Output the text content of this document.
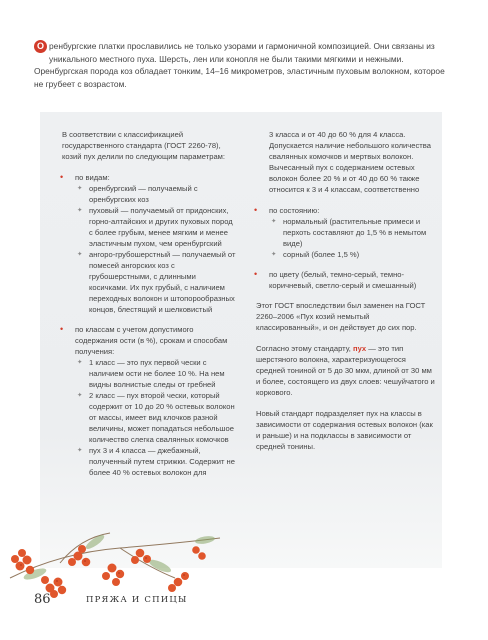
О ренбургские платки прославились не только узорами и гармоничной композицией. Они связаны из уникального местного пуха. Шерсть, лен или конопля не были такими мягкими и нежными. Оренбургская порода коз обладает тонким, 14–16 микрометров, эластичным пуховым волокном, которое не грубеет с возрастом.

В соответствии с классификацией государственного стандарта (ГОСТ 2260-78), козий пух делили по следующим параметрам:

• по видам:
✦ оренбургский — получаемый с оренбургских коз
✦ пуховый — получаемый от придонских, горно-алтайских и других пуховых пород с более грубым, менее мягким и менее эластичным пухом, чем оренбургский
✦ ангоро-грубошерстный — получаемый от помесей ангорских коз с грубошерстными, с длинными косичками. Их пух грубый, с наличием переходных волокон и штопорообразных концов, блестящий и шелковистый
• по классам с учетом допустимого содержания ости (в %), срокам и способам получения:
✦ 1 класс — это пух первой чески с наличием ости не более 10 %. На нем видны волнистые следы от гребней
✦ 2 класс — пух второй чески, который содержит от 10 до 20 % остевых волокон от массы, имеет вид клочков разной величины, может попадаться небольшое количество слегка свалянных комочков
✦ пух 3 и 4 класса — джебажный, полученный путем стрижки. Содержит не более 40 % остевых волокон для

3 класса и от 40 до 60 % для 4 класса. Допускается наличие небольшого количества свалянных комочков и мертвых волокон. Вычесанный пух с содержанием остевых волокон более 20 % и от 40 до 60 % также относится к 3 и 4 классам, соответственно

• по состоянию:
✦ нормальный (растительные примеси и перхоть составляют до 1,5 % в немытом виде)
✦ сорный (более 1,5 %)
• по цвету (белый, темно-серый, темно-коричневый, светло-серый и смешанный)

Этот ГОСТ впоследствии был заменен на ГОСТ 2260–2006 «Пух козий немытый классированный», и он действует до сих пор.

Согласно этому стандарту, пух — это тип шерстяного волокна, характеризующегося средней тониной от 5 до 30 мкм, длиной от 30 мм и более, состоящего из двух слоев: чешуйчатого и коркового.

Новый стандарт подразделяет пух на классы в зависимости от содержания остевых волокон (как и раньше) и на подклассы в зависимости от средней тонины.

86	ПРЯЖА И СПИЦЫ
